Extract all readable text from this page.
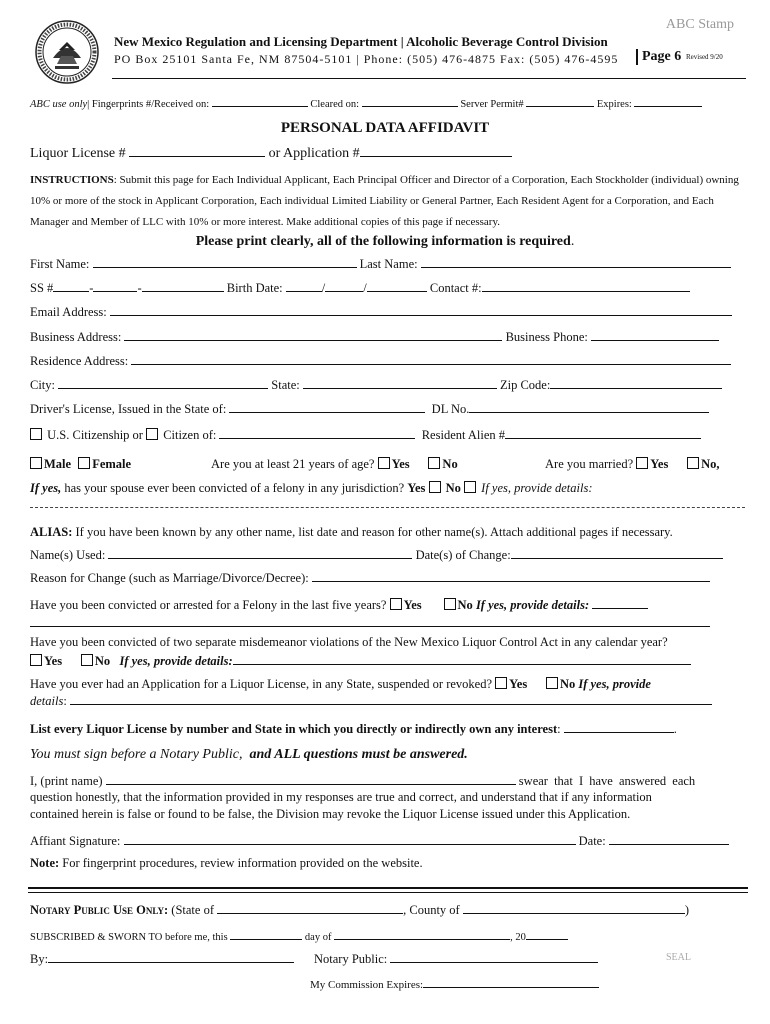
ABC Stamp
New Mexico Regulation and Licensing Department | Alcoholic Beverage Control Division
PO Box 25101 Santa Fe, NM 87504-5101 | Phone: (505) 476-4875 Fax: (505) 476-4595	Page 6 Revised 9/20
ABC use only| Fingerprints #/Received on:	Cleared on:	Server Permit#	Expires:
PERSONAL DATA AFFIDAVIT
Liquor License #	or Application #
INSTRUCTIONS: Submit this page for Each Individual Applicant, Each Principal Officer and Director of a Corporation, Each Stockholder (individual) owning 10% or more of the stock in Applicant Corporation, Each individual Limited Liability or General Partner, Each Resident Agent for a Corporation, and Each Manager and Member of LLC with 10% or more interest. Make additional copies of this page if necessary.
Please print clearly, all of the following information is required.
First Name:	Last Name:
SS #	-	-	Birth Date:	/	/	Contact #:
Email Address:
Business Address:	Business Phone:
Residence Address:
City:	State:	Zip Code:
Driver's License, Issued in the State of:	DL No.
U.S. Citizenship or Citizen of:	Resident Alien #
Male Female	Are you at least 21 years of age? Yes	No	Are you married? Yes	No,
If yes, has your spouse ever been convicted of a felony in any jurisdiction? Yes No If yes, provide details:
ALIAS: If you have been known by any other name, list date and reason for other name(s). Attach additional pages if necessary.
Name(s) Used:	Date(s) of Change:
Reason for Change (such as Marriage/Divorce/Decree):
Have you been convicted or arrested for a Felony in the last five years? Yes	No If yes, provide details:
Have you been convicted of two separate misdemeanor violations of the New Mexico Liquor Control Act in any calendar year?
Yes	No If yes, provide details:
Have you ever had an Application for a Liquor License, in any State, suspended or revoked? Yes	No If yes, provide
details:
List every Liquor License by number and State in which you directly or indirectly own any interest:	.
You must sign before a Notary Public, and ALL questions must be answered.
I, (print name)	swear that I have answered each
question honestly, that the information provided in my responses are true and correct, and understand that if any information
contained herein is false or found to be false, the Division may revoke the Liquor License issued under this Application.
Affiant Signature:	Date:
Note: For fingerprint procedures, review information provided on the website.
Notary Public Use Only: (State of	, County of	)
SUBSCRIBED & SWORN TO before me, this	day of	, 20
By:	Notary Public:	SEAL
My Commission Expires:
